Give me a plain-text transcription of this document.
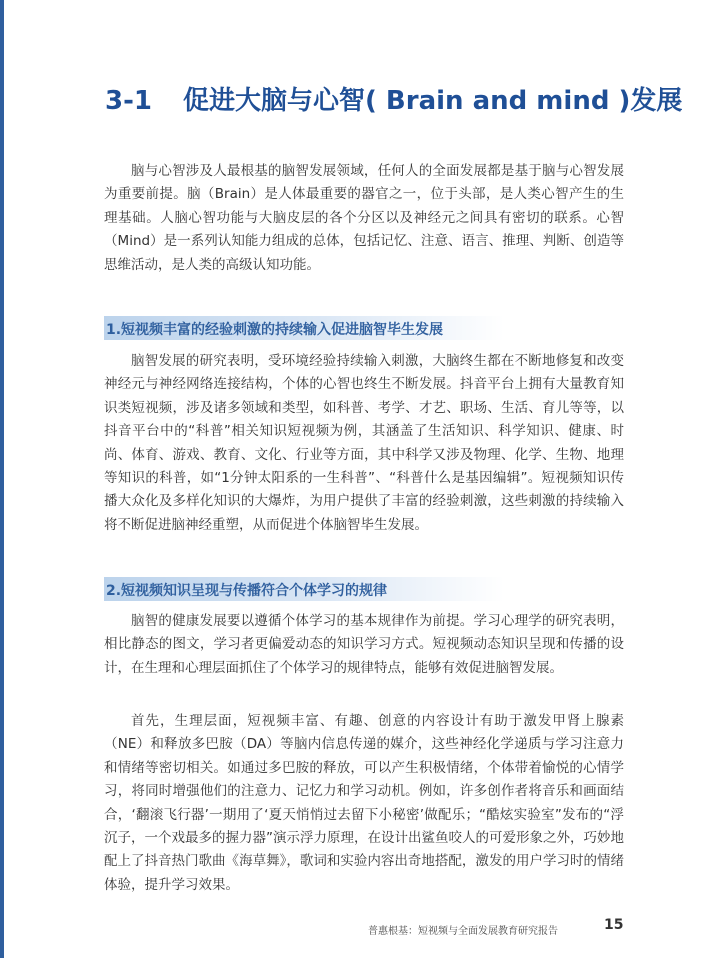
3-1 促进大脑与心智( Brain and mind )发展

脑与心智涉及人最根基的脑智发展领域，任何人的全面发展都是基于脑与心智发展为重要前提。脑（Brain）是人体最重要的器官之一，位于头部，是人类心智产生的生理基础。人脑心智功能与大脑皮层的各个分区以及神经元之间具有密切的联系。心智（Mind）是一系列认知能力组成的总体，包括记忆、注意、语言、推理、判断、创造等思维活动，是人类的高级认知功能。

1.短视频丰富的经验刺激的持续输入促进脑智毕生发展

脑智发展的研究表明，受环境经验持续输入刺激，大脑终生都在不断地修复和改变神经元与神经网络连接结构，个体的心智也终生不断发展。抖音平台上拥有大量教育知识类短视频，涉及诸多领域和类型，如科普、考学、才艺、职场、生活、育儿等等，以抖音平台中的“科普”相关知识短视频为例，其涵盖了生活知识、科学知识、健康、时尚、体育、游戏、教育、文化、行业等方面，其中科学又涉及物理、化学、生物、地理等知识的科普，如“1分钟太阳系的一生科普”、“科普什么是基因编辑”。短视频知识传播大众化及多样化知识的大爆炸，为用户提供了丰富的经验刺激，这些刺激的持续输入将不断促进脑神经重塑，从而促进个体脑智毕生发展。

2.短视频知识呈现与传播符合个体学习的规律

脑智的健康发展要以遵循个体学习的基本规律作为前提。学习心理学的研究表明，相比静态的图文，学习者更偏爱动态的知识学习方式。短视频动态知识呈现和传播的设计，在生理和心理层面抓住了个体学习的规律特点，能够有效促进脑智发展。

首先，生理层面，短视频丰富、有趣、创意的内容设计有助于激发甲肾上腺素（NE）和释放多巴胺（DA）等脑内信息传递的媒介，这些神经化学递质与学习注意力和情绪等密切相关。如通过多巴胺的释放，可以产生积极情绪，个体带着愉悦的心情学习，将同时增强他们的注意力、记忆力和学习动机。例如，许多创作者将音乐和画面结合，‘翻滚飞行器’一期用了‘夏天悄悄过去留下小秘密’做配乐；“酷炫实验室”发布的“浮沉子，一个戏最多的握力器”演示浮力原理，在设计出鲨鱼咬人的可爱形象之外，巧妙地配上了抖音热门歌曲《海草舞》，歌词和实验内容出奇地搭配，激发的用户学习时的情绪体验，提升学习效果。

普惠根基：短视频与全面发展教育研究报告	15
